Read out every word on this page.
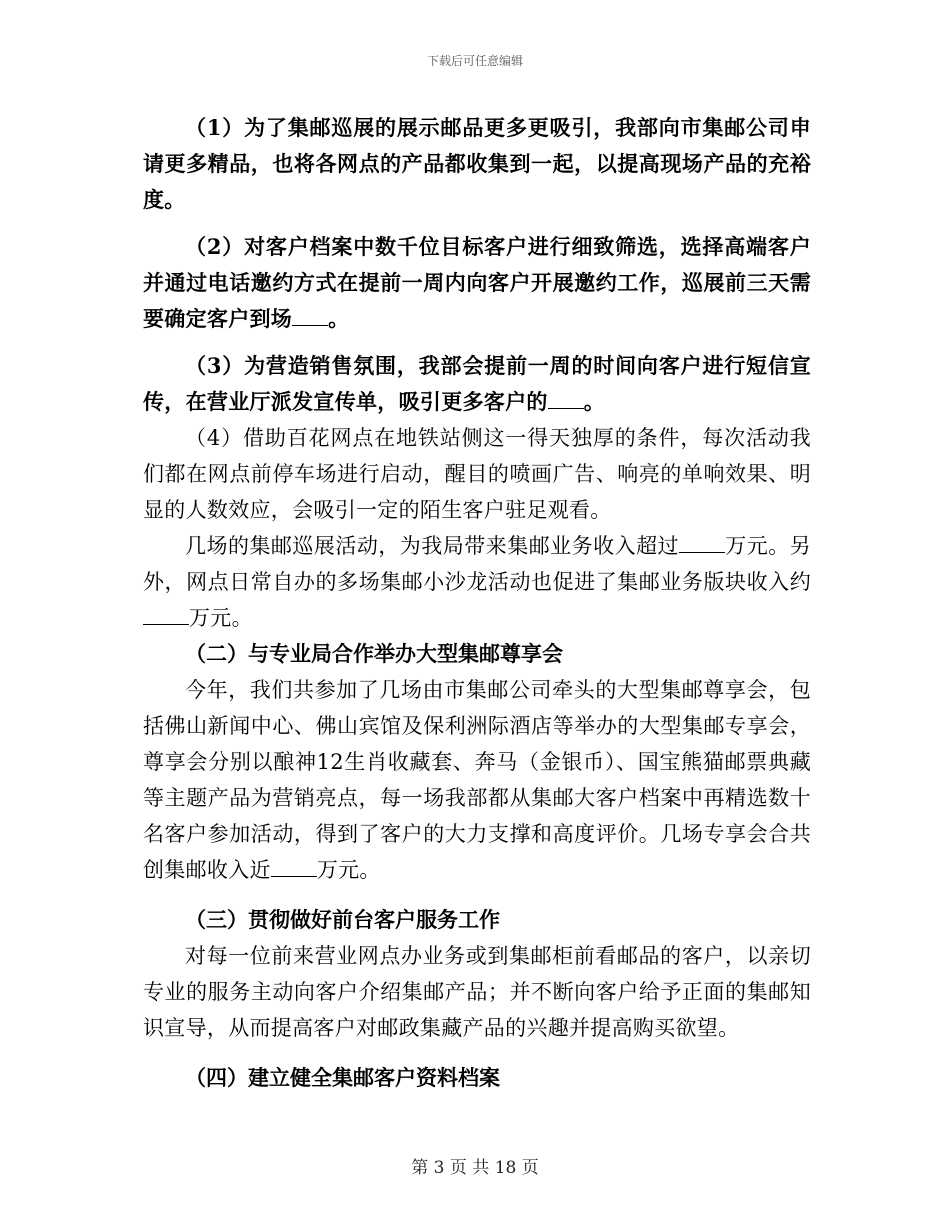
下载后可任意编辑

（1）为了集邮巡展的展示邮品更多更吸引，我部向市集邮公司申请更多精品，也将各网点的产品都收集到一起，以提高现场产品的充裕度。

（2）对客户档案中数千位目标客户进行细致筛选，选择高端客户并通过电话邀约方式在提前一周内向客户开展邀约工作，巡展前三天需要确定客户到场 。

（3）为营造销售氛围，我部会提前一周的时间向客户进行短信宣传，在营业厅派发宣传单，吸引更多客户的 。

（4）借助百花网点在地铁站侧这一得天独厚的条件，每次活动我们都在网点前停车场进行启动，醒目的喷画广告、响亮的单响效果、明显的人数效应，会吸引一定的陌生客户驻足观看。

几场的集邮巡展活动，为我局带来集邮业务收入超过 万元。另外，网点日常自办的多场集邮小沙龙活动也促进了集邮业务版块收入约万元。

（二）与专业局合作举办大型集邮尊享会

今年，我们共参加了几场由市集邮公司牵头的大型集邮尊享会，包括佛山新闻中心、佛山宾馆及保利洲际酒店等举办的大型集邮专享会，尊享会分别以酿神12生肖收藏套、奔马（金银币）、国宝熊猫邮票典藏等主题产品为营销亮点，每一场我部都从集邮大客户档案中再精选数十名客户参加活动，得到了客户的大力支撑和高度评价。几场专享会合共创集邮收入近 万元。

（三）贯彻做好前台客户服务工作

对每一位前来营业网点办业务或到集邮柜前看邮品的客户，以亲切专业的服务主动向客户介绍集邮产品；并不断向客户给予正面的集邮知识宣导，从而提高客户对邮政集藏产品的兴趣并提高购买欲望。

（四）建立健全集邮客户资料档案

第 3 页 共 18 页
